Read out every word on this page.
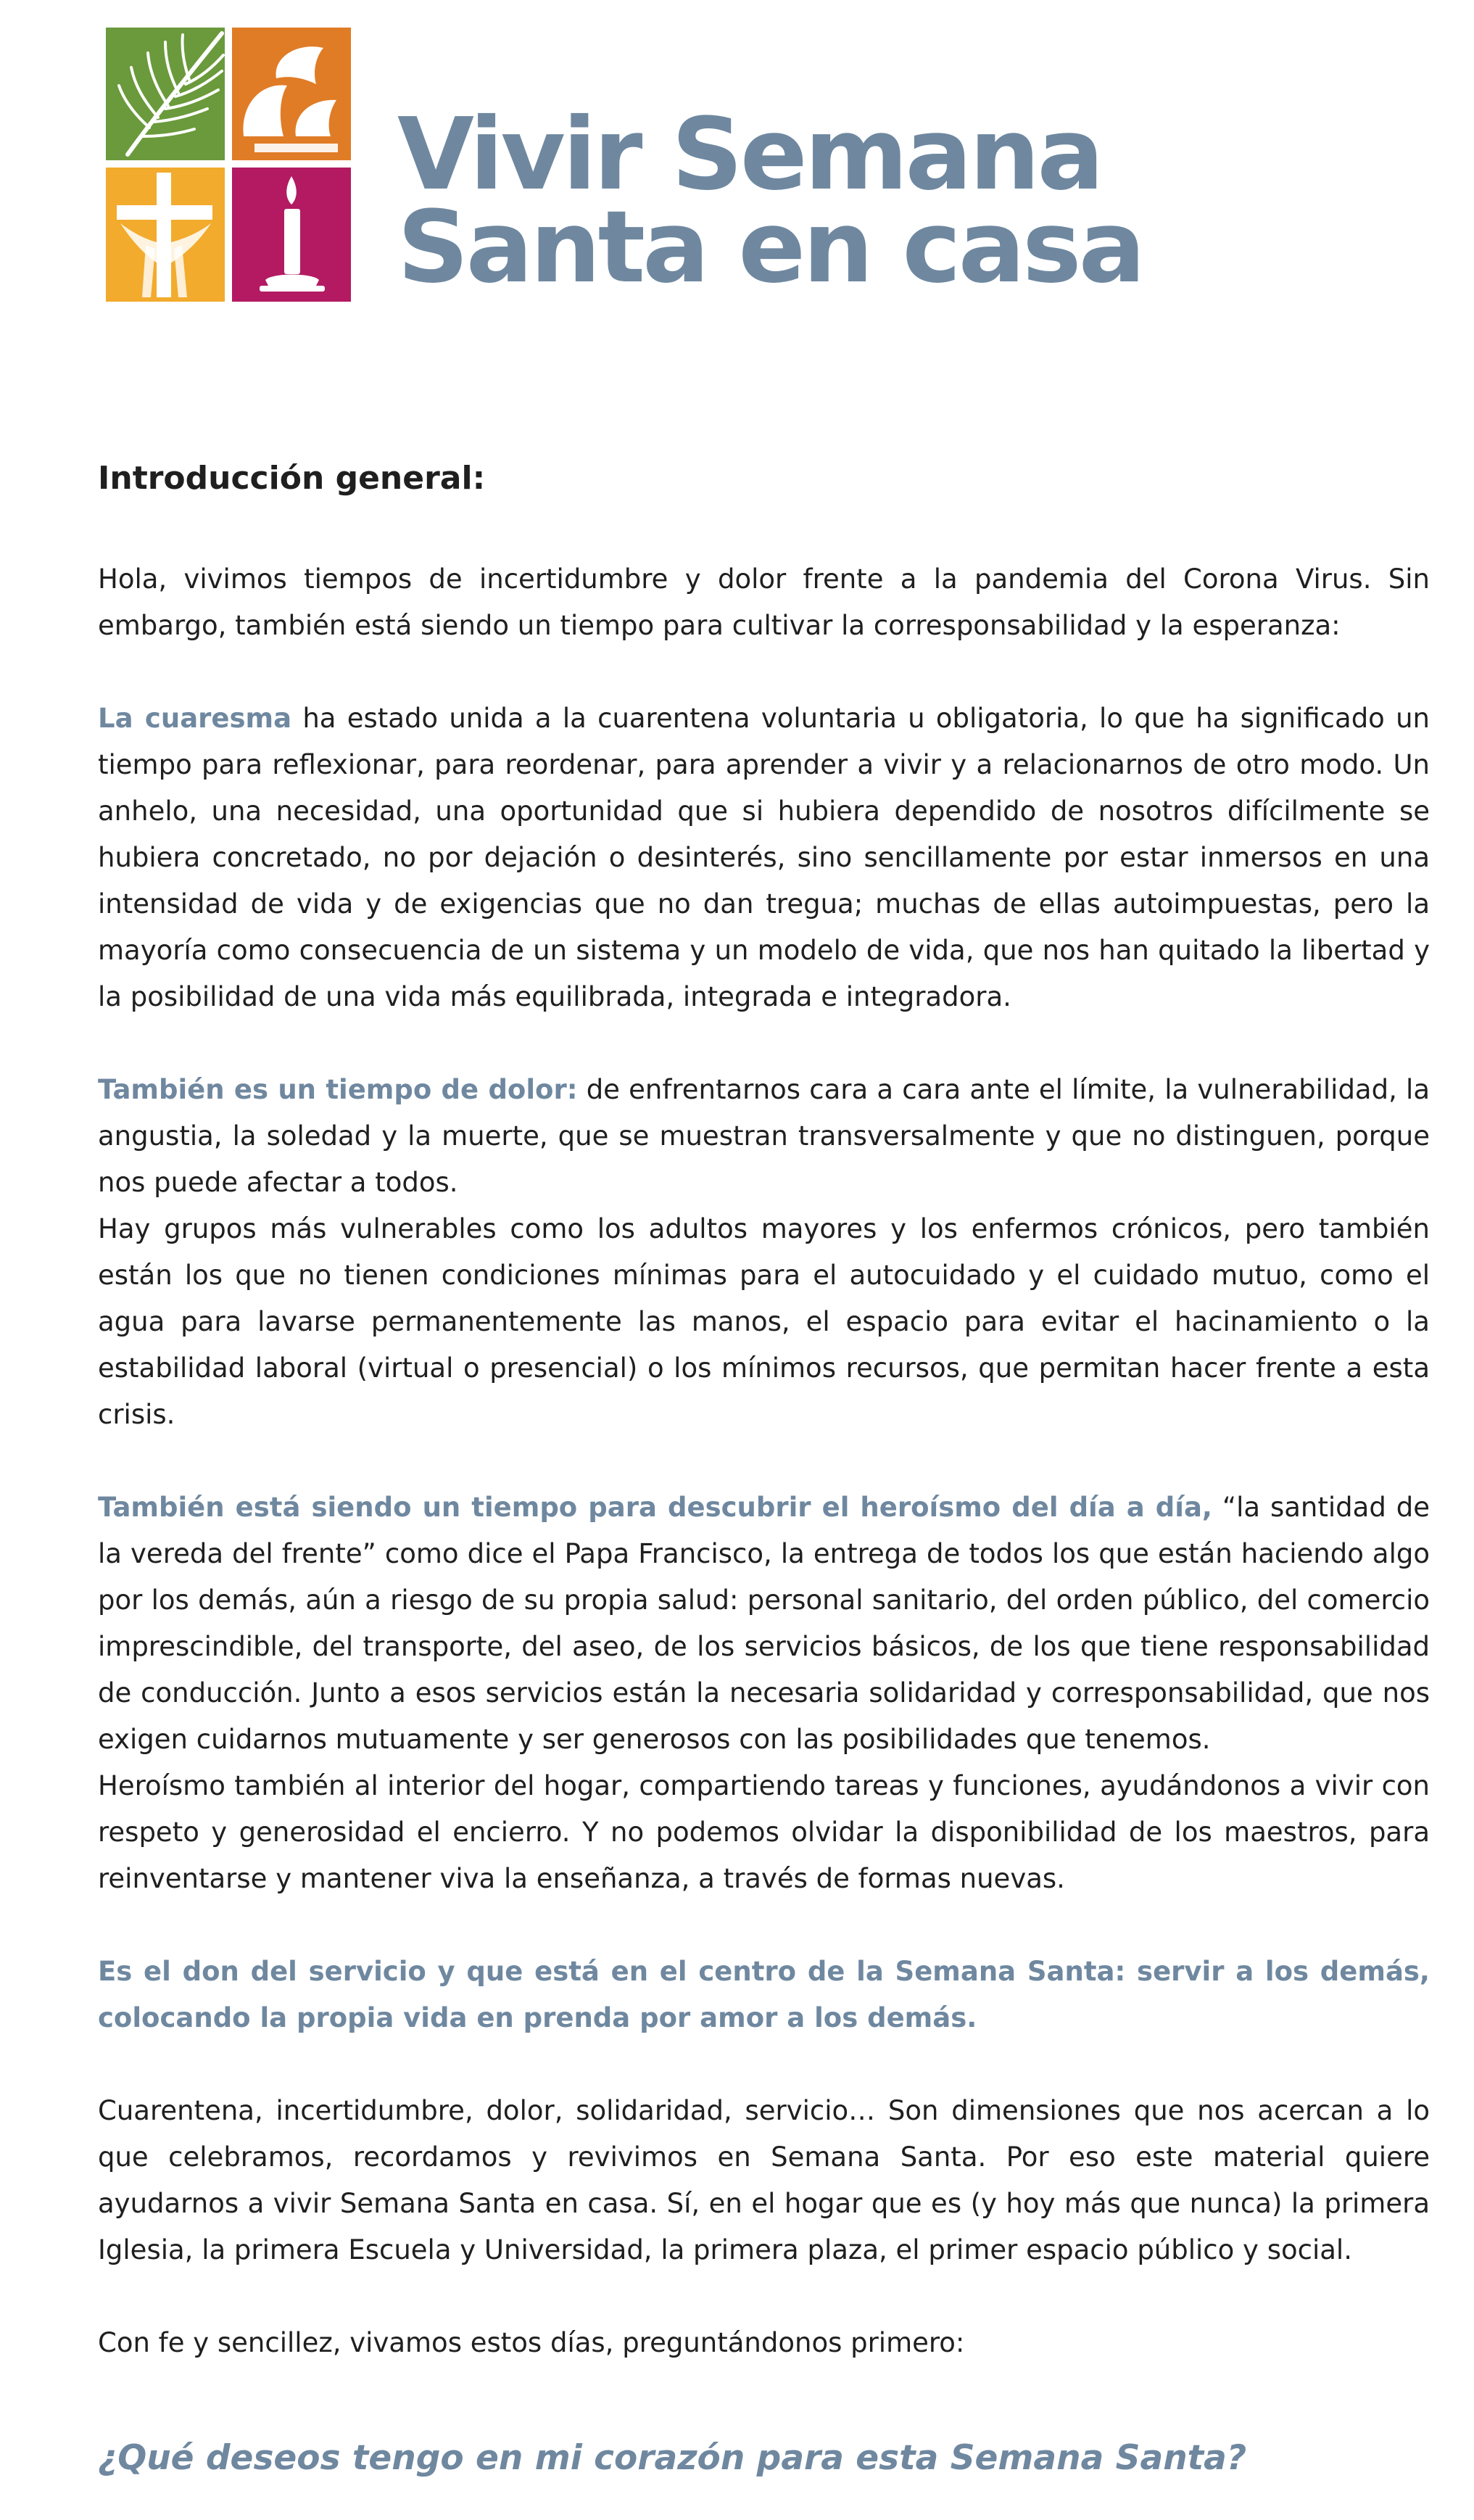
Vivir Semana
Santa en casa
Introducción general:

Hola, vivimos tiempos de incertidumbre y dolor frente a la pandemia del Corona Virus. Sin embargo, también está siendo un tiempo para cultivar la corresponsabilidad y la esperanza:

La cuaresma ha estado unida a la cuarentena voluntaria u obligatoria, lo que ha significado un tiempo para reflexionar, para reordenar, para aprender a vivir y a relacionarnos de otro modo. Un anhelo, una necesidad, una oportunidad que si hubiera dependido de nosotros difícilmente se hubiera concretado, no por dejación o desinterés, sino sencillamente por estar inmersos en una intensidad de vida y de exigencias que no dan tregua; muchas de ellas autoimpuestas, pero la mayoría como consecuencia de un sistema y un modelo de vida, que nos han quitado la libertad y la posibilidad de una vida más equilibrada, integrada e integradora.

También es un tiempo de dolor: de enfrentarnos cara a cara ante el límite, la vulnerabilidad, la angustia, la soledad y la muerte, que se muestran transversalmente y que no distinguen, porque nos puede afectar a todos.

Hay grupos más vulnerables como los adultos mayores y los enfermos crónicos, pero también están los que no tienen condiciones mínimas para el autocuidado y el cuidado mutuo, como el agua para lavarse permanentemente las manos, el espacio para evitar el hacinamiento o la estabilidad laboral (virtual o presencial) o los mínimos recursos, que permitan hacer frente a esta crisis.

También está siendo un tiempo para descubrir el heroísmo del día a día, “la santidad de la vereda del frente” como dice el Papa Francisco, la entrega de todos los que están haciendo algo por los demás, aún a riesgo de su propia salud: personal sanitario, del orden público, del comercio imprescindible, del transporte, del aseo, de los servicios básicos, de los que tiene responsabilidad de conducción. Junto a esos servicios están la necesaria solidaridad y corresponsabilidad, que nos exigen cuidarnos mutuamente y ser generosos con las posibilidades que tenemos.

Heroísmo también al interior del hogar, compartiendo tareas y funciones, ayudándonos a vivir con respeto y generosidad el encierro. Y no podemos olvidar la disponibilidad de los maestros, para reinventarse y mantener viva la enseñanza, a través de formas nuevas.

Es el don del servicio y que está en el centro de la Semana Santa: servir a los demás, colocando la propia vida en prenda por amor a los demás.

Cuarentena, incertidumbre, dolor, solidaridad, servicio… Son dimensiones que nos acercan a lo que celebramos, recordamos y revivimos en Semana Santa. Por eso este material quiere ayudarnos a vivir Semana Santa en casa. Sí, en el hogar que es (y hoy más que nunca) la primera Iglesia, la primera Escuela y Universidad, la primera plaza, el primer espacio público y social.

Con fe y sencillez, vivamos estos días, preguntándonos primero:

¿Qué deseos tengo en mi corazón para esta Semana Santa?
